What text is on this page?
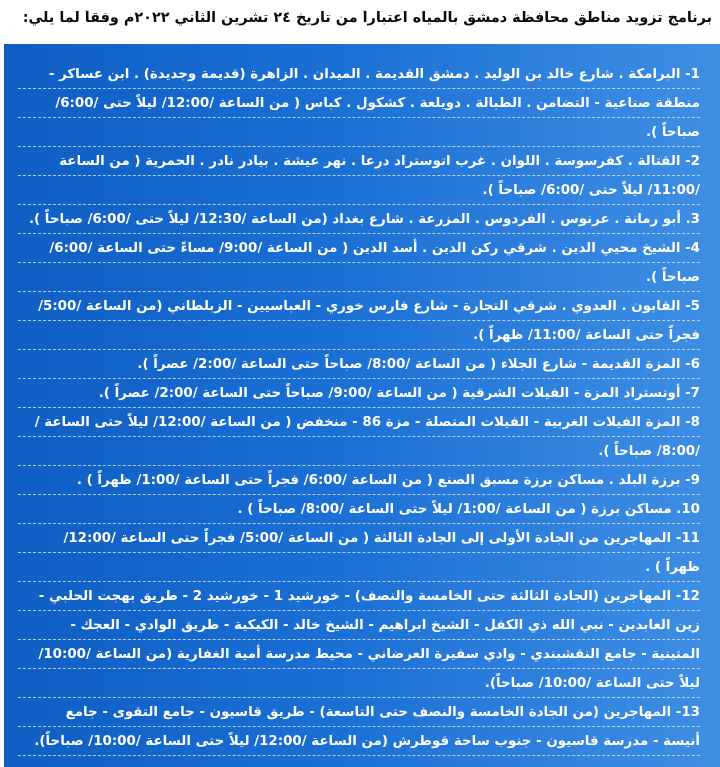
برنامج تزويد مناطق محافظة دمشق بالمياه اعتباراً من تاريخ ٢٤ تشرين الثاني ٢٠٢٢م وفقاً لما يلي:
1- البرامكة . شارع خالد بن الوليد . دمشق القديمة . الميدان . الزاهرة (قديمة وجديدة) . ابن عساكر -
منطقة صناعية - التضامن . الطبالة . دويلعة . كشكول . كباس ( من الساعة /12:00/ ليلاً حتى /6:00/
صباحاً ).
2- القتالة . كفرسوسة . اللوان . غرب اتوستراد درعا . نهر عيشة . بيادر نادر . الحمرية ( من الساعة
/11:00/ ليلاً حتى /6:00/ صباحاً ).
3. أبو رمانة . عرنوس . الفردوس . المزرعة . شارع بغداد (من الساعة /12:30/ ليلاً حتى /6:00/ صباحاً ).
4- الشيخ محيي الدين . شرقي ركن الدين . أسد الدين ( من الساعة /9:00/ مساءً حتى الساعة /6:00/
صباحاً ).
5- القابون . العدوي . شرقي التجارة - شارع فارس خوري - العباسيين - الزبلطاني (من الساعة /5:00/
فجراً حتى الساعة /11:00/ ظهراً ).
6- المزة القديمة - شارع الجلاء ( من الساعة /8:00/ صباحاً حتى الساعة /2:00/ عصراً ).
7- أوتستراد المزة - الفيلات الشرقية ( من الساعة /9:00/ صباحاً حتى الساعة /2:00/ عصراً ).
8- المزة الفيلات الغربية - الفيلات المتصلة - مزة 86 - منخفض ( من الساعة /12:00/ ليلاً حتى الساعة /
/8:00/ صباحاً ).
9- برزة البلد . مساكن برزة مسبق الصنع ( من الساعة /6:00/ فجراً حتى الساعة /1:00/ ظهراً ) .
10. مساكن برزة ( من الساعة /1:00/ ليلاً حتى الساعة /8:00/ صباحاً ) .
11- المهاجرين من الجادة الأولى إلى الجادة الثالثة ( من الساعة /5:00/ فجراً حتى الساعة /12:00/
ظهراً ) .
12- المهاجرين (الجادة الثالثة حتى الخامسة والنصف) - خورشيد 1 - خورشيد 2 - طريق بهجت الحلبي -
زين العابدين - نبي الله ذي الكفل - الشيخ ابراهيم - الشيخ خالد - الكيكية - طريق الوادي - العجك -
المتينية - جامع النقشبندي - وادي سفيرة العرضاني - محيط مدرسة أمية الغفارية (من الساعة /10:00/
ليلاً حتى الساعة /10:00/ صباحاً).
13- المهاجرين (من الجادة الخامسة والنصف حتى التاسعة) - طريق قاسيون - جامع التقوى - جامع
أنيسة - مدرسة قاسيون - جنوب ساحة قوطرش (من الساعة /12:00/ ليلاً حتى الساعة /10:00/ صباحاً).
